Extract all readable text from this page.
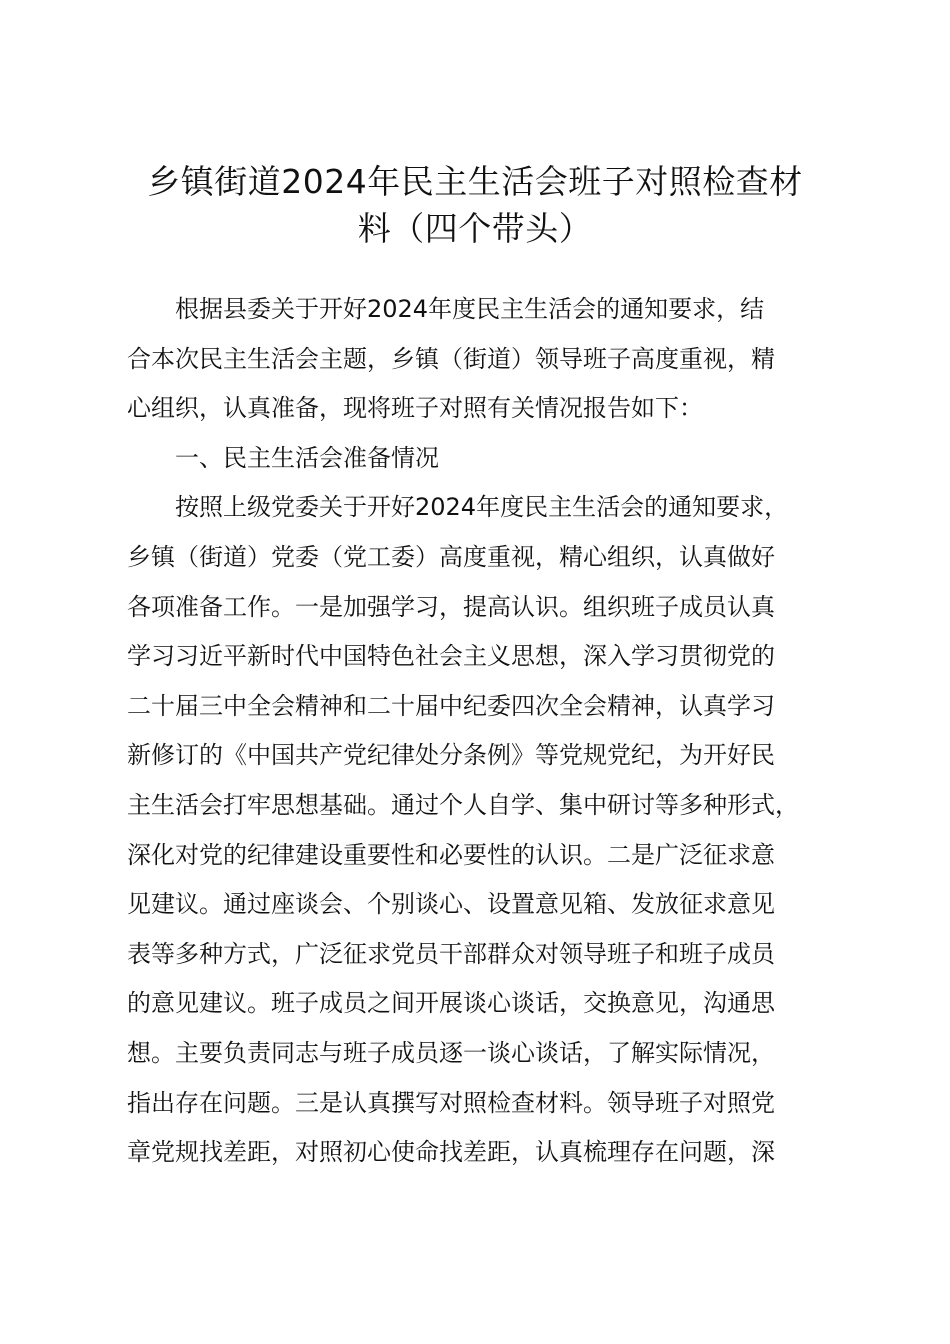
乡镇街道2024年民主生活会班子对照检查材
料（四个带头）
　　根据县委关于开好2024年度民主生活会的通知要求，结
合本次民主生活会主题，乡镇（街道）领导班子高度重视，精
心组织，认真准备，现将班子对照有关情况报告如下：
　　一、民主生活会准备情况
　　按照上级党委关于开好2024年度民主生活会的通知要求，
乡镇（街道）党委（党工委）高度重视，精心组织，认真做好
各项准备工作。一是加强学习，提高认识。组织班子成员认真
学习习近平新时代中国特色社会主义思想，深入学习贯彻党的
二十届三中全会精神和二十届中纪委四次全会精神，认真学习
新修订的《中国共产党纪律处分条例》等党规党纪，为开好民
主生活会打牢思想基础。通过个人自学、集中研讨等多种形式，
深化对党的纪律建设重要性和必要性的认识。二是广泛征求意
见建议。通过座谈会、个别谈心、设置意见箱、发放征求意见
表等多种方式，广泛征求党员干部群众对领导班子和班子成员
的意见建议。班子成员之间开展谈心谈话，交换意见，沟通思
想。主要负责同志与班子成员逐一谈心谈话，了解实际情况，
指出存在问题。三是认真撰写对照检查材料。领导班子对照党
章党规找差距，对照初心使命找差距，认真梳理存在问题，深
